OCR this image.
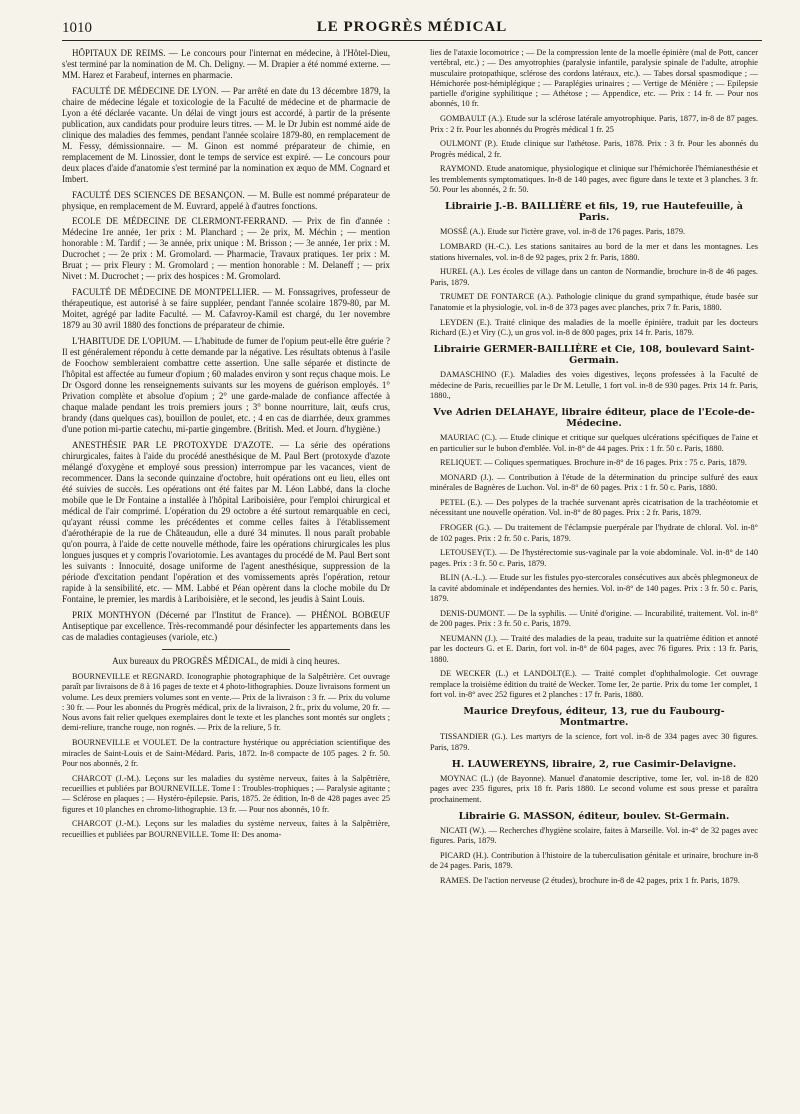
1010	LE PROGRÈS MÉDICAL

HÔPITAUX DE REIMS. — Le concours pour l'internat en médecine, à l'Hôtel-Dieu, s'est terminé par la nomination de M. Ch. Deligny. — M. Drapier a été nommé externe. — MM. Harez et Farabeuf, internes en pharmacie.

FACULTÉ DE MÉDECINE DE LYON. — Par arrêté en date du 13 décembre 1879, la chaire de médecine légale et toxicologie de la Faculté de médecine et de pharmacie de Lyon a été déclarée vacante. Un délai de vingt jours est accordé, à partir de la présente publication, aux candidats pour produire leurs titres. — M. le Dr Jubin est nommé aide de clinique des maladies des femmes, pendant l'année scolaire 1879-80, en remplacement de M. Fessy, démissionnaire. — M. Ginon est nommé préparateur de chimie, en remplacement de M. Linossier, dont le temps de service est expiré. — Le concours pour deux places d'aide d'anatomie s'est terminé par la nomination ex æquo de MM. Cognard et Imbert.

FACULTÉ DES SCIENCES DE BESANÇON. — M. Bulle est nommé préparateur de physique, en remplacement de M. Euvrard, appelé à d'autres fonctions.

ECOLE DE MÉDECINE DE CLERMONT-FERRAND. — Prix de fin d'année : Médecine 1re année, 1er prix : M. Planchard ; — 2e prix, M. Méchin ; — mention honorable : M. Tardif ; — 3e année, prix unique : M. Brisson ; — 3e année, 1er prix : M. Ducrochet ; — 2e prix : M. Gromolard. — Pharmacie, Travaux pratiques. 1er prix : M. Bruat ; — prix Fleury : M. Gromolard ; — mention honorable : M. Delaneff ; — prix Nivet : M. Ducrochet ; — prix des hospices : M. Gromolard.

FACULTÉ DE MÉDECINE DE MONTPELLIER. — M. Fonssagrives, professeur de thérapeutique, est autorisé à se faire suppléer, pendant l'année scolaire 1879-80, par M. Moitet, agrégé par ladite Faculté. — M. Cafavroy-Kamil est chargé, du 1er novembre 1879 au 30 avril 1880 des fonctions de préparateur de chimie.

L'HABITUDE DE L'OPIUM. — L'habitude de fumer de l'opium peut-elle être guérie ? Il est généralement répondu à cette demande par la négative. Les résultats obtenus à l'asile de Foochow sembleraient combattre cette assertion. Une salle séparée et distincte de l'hôpital est affectée au fumeur d'opium ; 60 malades environ y sont reçus chaque mois. Le Dr Osgord donne les renseignements suivants sur les moyens de guérison employés. 1° Privation complète et absolue d'opium ; 2° une garde-malade de confiance affectée à chaque malade pendant les trois premiers jours ; 3° bonne nourriture, lait, œufs crus, brandy (dans quelques cas), bouillon de poulet, etc. ; 4 en cas de diarrhée, deux grammes d'une potion mi-partie catechu, mi-partie gingembre. (British. Med. et Journ. d'hygiène.)

ANESTHÉSIE PAR LE PROTOXYDE D'AZOTE. — La série des opérations chirurgicales, faites à l'aide du procédé anesthésique de M. Paul Bert (protoxyde d'azote mélangé d'oxygène et employé sous pression) interrompue par les vacances, vient de recommencer. Dans la seconde quinzaine d'octobre, huit opérations ont eu lieu, elles ont été suivies de succès. Les opérations ont été faites par M. Léon Labbé, dans la cloche mobile que le Dr Fontaine a installée à l'hôpital Lariboisière, pour l'emploi chirurgical et médical de l'air comprimé. L'opération du 29 octobre a été surtout remarquable en ceci, qu'ayant réussi comme les précédentes et comme celles faites à l'établissement d'aérothérapie de la rue de Châteaudun, elle a duré 34 minutes. Il nous paraît probable qu'on pourra, à l'aide de cette nouvelle méthode, faire les opérations chirurgicales les plus longues jusques et y compris l'ovariotomie. Les avantages du procédé de M. Paul Bert sont les suivants : Innocuité, dosage uniforme de l'agent anesthésique, suppression de la période d'excitation pendant l'opération et des vomissements après l'opération, retour rapide à la sensibilité, etc. — MM. Labbé et Péan opèrent dans la cloche mobile du Dr Fontaine, le premier, les mardis à Lariboisière, et le second, les jeudis à Saint Louis.

PRIX MONTHYON (Décerné par l'Institut de France). — PHÉNOL BOBŒUF Antiseptique par excellence. Très-recommandé pour désinfecter les appartements dans les cas de maladies contagieuses (variole, etc.)

Aux bureaux du PROGRÈS MÉDICAL, de midi à cinq heures.

BOURNEVILLE et REGNARD. Iconographie photographique de la Salpêtrière. Cet ouvrage paraît par livraisons de 8 à 16 pages de texte et 4 photo-lithographies. Douze livraisons forment un volume. Les deux premiers volumes sont en vente.— Prix de la livraison : 3 fr. — Prix du volume : 30 fr. — Pour les abonnés du Progrès médical, prix de la livraison, 2 fr., prix du volume, 20 fr. —Nous avons fait relier quelques exemplaires dont le texte et les planches sont montés sur onglets ; demi-reliure, tranche rouge, non rognés. — Prix de la reliure, 5 fr.

BOURNEVILLE et VOULET. De la contracture hystérique ou appréciation scientifique des miracles de Saint-Louis et de Saint-Médard. Paris, 1872. In-8 compacte de 105 pages. 2 fr. 50. Pour nos abonnés, 2 fr.

CHARCOT (J.-M.). Leçons sur les maladies du système nerveux, faites à la Salpêtrière, recueillies et publiées par BOURNEVILLE. Tome I : Troubles-trophiques ; — Paralysie agitante ; — Sclérose en plaques ; — Hystéro-épilepsie. Paris, 1875. 2e édition, In-8 de 428 pages avec 25 figures et 10 planches en chromo-lithographie. 13 fr. — Pour nos abonnés, 10 fr.

CHARCOT (J.-M.). Leçons sur les maladies du système nerveux, faites à la Salpêtrière, recueillies et publiées par BOURNEVILLE. Tome II: Des anoma-

lies de l'ataxie locomotrice ; — De la compression lente de la moelle épinière (mal de Pott, cancer vertébral, etc.) ; — Des amyotrophies (paralysie infantile, paralysie spinale de l'adulte, atrophie musculaire protopathique, sclérose des cordons latéraux, etc.). — Tabes dorsal spasmodique ; — Hémichorée post-hémiplégique ; — Paraplégies urinaires ; — Vertige de Ménière ; — Epilepsie partielle d'origine syphilitique ; — Athétose ; — Appendice, etc. — Prix : 14 fr. — Pour nos abonnés, 10 fr.

GOMBAULT (A.). Etude sur la sclérose latérale amyotrophique. Paris, 1877, in-8 de 87 pages. Prix : 2 fr. Pour les abonnés du Progrès médical 1 fr. 25

OULMONT (P.). Etude clinique sur l'athétose. Paris, 1878. Prix : 3 fr. Pour les abonnés du Progrès médical, 2 fr.

RAYMOND. Etude anatomique, physiologique et clinique sur l'hémichorée l'hémianesthésie et les tremblements symptomatiques. In-8 de 140 pages, avec figure dans le texte et 3 planches. 3 fr. 50. Pour les abonnés, 2 fr. 50.

Librairie J.-B. BAILLIÈRE et fils, 19, rue Hautefeuille, à Paris.

MOSSÉ (A.). Etude sur l'ictère grave, vol. in-8 de 176 pages. Paris, 1879.

LOMBARD (H.-C.). Les stations sanitaires au bord de la mer et dans les montagnes. Les stations hivernales, vol. in-8 de 92 pages, prix 2 fr. Paris, 1880.

HUREL (A.). Les écoles de village dans un canton de Normandie, brochure in-8 de 46 pages. Paris, 1879.

TRUMET DE FONTARCE (A.). Pathologie clinique du grand sympathique, étude basée sur l'anatomie et la physiologie, vol. in-8 de 373 pages avec planches, prix 7 fr. Paris, 1880.

LEYDEN (E.). Traité clinique des maladies de la moelle épinière, traduit par les docteurs Richard (E.) et Viry (C.), un gros vol. in-8 de 800 pages, prix 14 fr. Paris, 1879.

Librairie GERMER-BAILLIÈRE et Cie, 108, boulevard Saint-Germain.

DAMASCHINO (F.). Maladies des voies digestives, leçons professées à la Faculté de médecine de Paris, recueillies par le Dr M. Letulle, 1 fort vol. in-8 de 930 pages. Prix 14 fr. Paris, 1880.,

Vve Adrien DELAHAYE, libraire éditeur, place de l'Ecole-de-Médecine.

MAURIAC (C.). — Etude clinique et critique sur quelques ulcérations spécifiques de l'aine et en particulier sur le bubon d'emblée. Vol. in-8° de 44 pages. Prix : 1 fr. 50 c. Paris, 1880.

RELIQUET. — Coliques spermatiques. Brochure in-8° de 16 pages. Prix : 75 c. Paris, 1879.

MONARD (J.). — Contribution à l'étude de la détermination du principe sulfuré des eaux minérales de Bagnères de Luchon. Vol. in-8° de 60 pages. Prix : 1 fr. 50 c. Paris, 1880.

PETEL (E.). — Des polypes de la trachée survenant après cicatrisation de la trachéotomie et nécessitant une nouvelle opération. Vol. in-8° de 80 pages. Prix : 2 fr. Paris, 1879.

FROGER (G.). — Du traitement de l'éclampsie puerpérale par l'hydrate de chloral. Vol. in-8° de 102 pages. Prix : 2 fr. 50 c. Paris, 1879.

LETOUSEY(T.). — De l'hystérectomie sus-vaginale par la voie abdominale. Vol. in-8° de 140 pages. Prix : 3 fr. 50 c. Paris, 1879.

BLIN (A.-L.). — Etude sur les fistules pyo-stercorales consécutives aux abcès phlegmoneux de la cavité abdominale et indépendantes des hernies. Vol. in-8° de 140 pages. Prix : 3 fr. 50 c. Paris, 1879.

DENIS-DUMONT. — De la syphilis. — Unité d'origine. — Incurabilité, traitement. Vol. in-8° de 200 pages. Prix : 3 fr. 50 c. Paris, 1879.

NEUMANN (J.). — Traité des maladies de la peau, traduite sur la quatrième édition et annoté par les docteurs G. et E. Darin, fort vol. in-8° de 604 pages, avec 76 figures. Prix : 13 fr. Paris, 1880.

DE WECKER (L.) et LANDOLT(E.). — Traité complet d'ophthalmologie. Cet ouvrage remplace la troisième édition du traité de Wecker. Tome Ier, 2e partie. Prix du tome 1er complet, 1 fort vol. in-8° avec 252 figures et 2 planches : 17 fr. Paris, 1880.

Maurice Dreyfous, éditeur, 13, rue du Faubourg-Montmartre.

TISSANDIER (G.). Les martyrs de la science, fort vol. in-8 de 334 pages avec 30 figures. Paris, 1879.

H. LAUWEREYNS, libraire, 2, rue Casimir-Delavigne.

MOYNAC (L.) (de Bayonne). Manuel d'anatomie descriptive, tome Ier, vol. in-18 de 820 pages avec 235 figures, prix 18 fr. Paris 1880. Le second volume est sous presse et paraîtra prochainement.

Librairie G. MASSON, éditeur, boulev. St-Germain.

NICATI (W.). — Recherches d'hygiène scolaire, faites à Marseille. Vol. in-4° de 32 pages avec figures. Paris, 1879.

PICARD (H.). Contribution à l'histoire de la tuberculisation génitale et urinaire, brochure in-8 de 24 pages. Paris, 1879.

RAMES. De l'action nerveuse (2 études), brochure in-8 de 42 pages, prix 1 fr. Paris, 1879.
